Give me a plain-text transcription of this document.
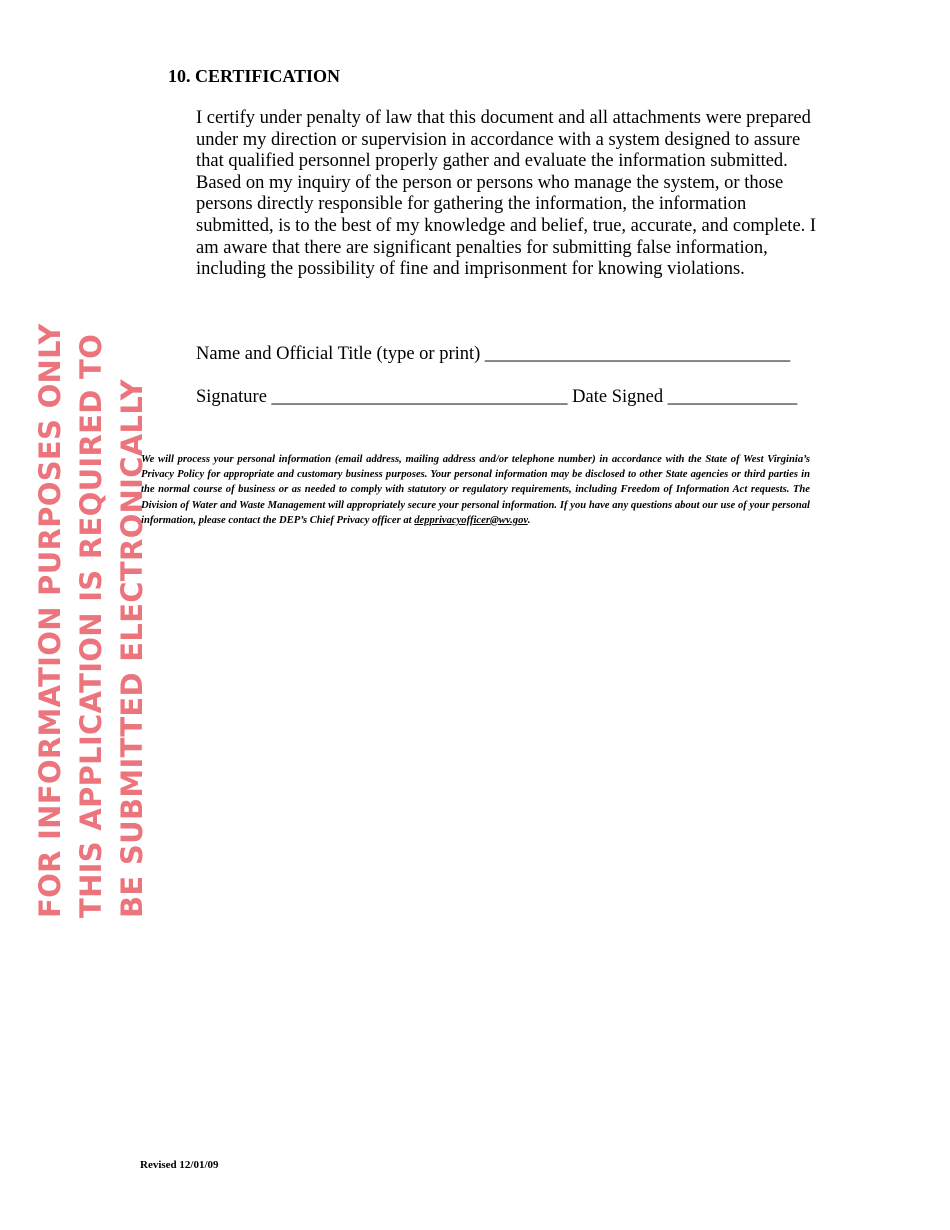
10. CERTIFICATION

I certify under penalty of law that this document and all attachments were prepared under my direction or supervision in accordance with a system designed to assure that qualified personnel properly gather and evaluate the information submitted. Based on my inquiry of the person or persons who manage the system, or those persons directly responsible for gathering the information, the information submitted, is to the best of my knowledge and belief, true, accurate, and complete. I am aware that there are significant penalties for submitting false information, including the possibility of fine and imprisonment for knowing violations.

Name and Official Title (type or print) _________________________________
Signature ________________________________ Date Signed ______________

We will process your personal information (email address, mailing address and/or telephone number) in accordance with the State of West Virginia’s Privacy Policy for appropriate and customary business purposes. Your personal information may be disclosed to other State agencies or third parties in the normal course of business or as needed to comply with statutory or regulatory requirements, including Freedom of Information Act requests. The Division of Water and Waste Management will appropriately secure your personal information. If you have any questions about our use of your personal information, please contact the DEP’s Chief Privacy officer at depprivacyofficer@wv.gov.

FOR INFORMATION PURPOSES ONLY THIS APPLICATION IS REQUIRED TO BE SUBMITTED ELECTRONICALLY

Revised 12/01/09
